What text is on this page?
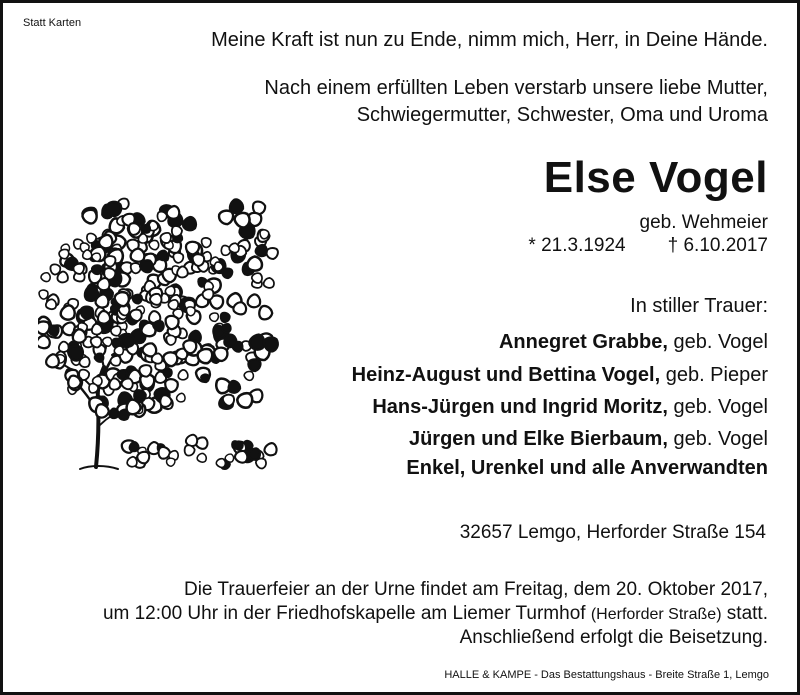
Statt Karten
Meine Kraft ist nun zu Ende, nimm mich, Herr, in Deine Hände.
Nach einem erfüllten Leben verstarb unsere liebe Mutter,
Schwiegermutter, Schwester, Oma und Uroma
Else Vogel
geb. Wehmeier
* 21.3.1924 † 6.10.2017
In stiller Trauer:
Annegret Grabbe, geb. Vogel
Heinz-August und Bettina Vogel, geb. Pieper
Hans-Jürgen und Ingrid Moritz, geb. Vogel
Jürgen und Elke Bierbaum, geb. Vogel
Enkel, Urenkel und alle Anverwandten
32657 Lemgo, Herforder Straße 154
Die Trauerfeier an der Urne findet am Freitag, dem 20. Oktober 2017,
um 12:00 Uhr in der Friedhofskapelle am Liemer Turmhof (Herforder Straße) statt.
Anschließend erfolgt die Beisetzung.
HALLE & KAMPE - Das Bestattungshaus - Breite Straße 1, Lemgo
